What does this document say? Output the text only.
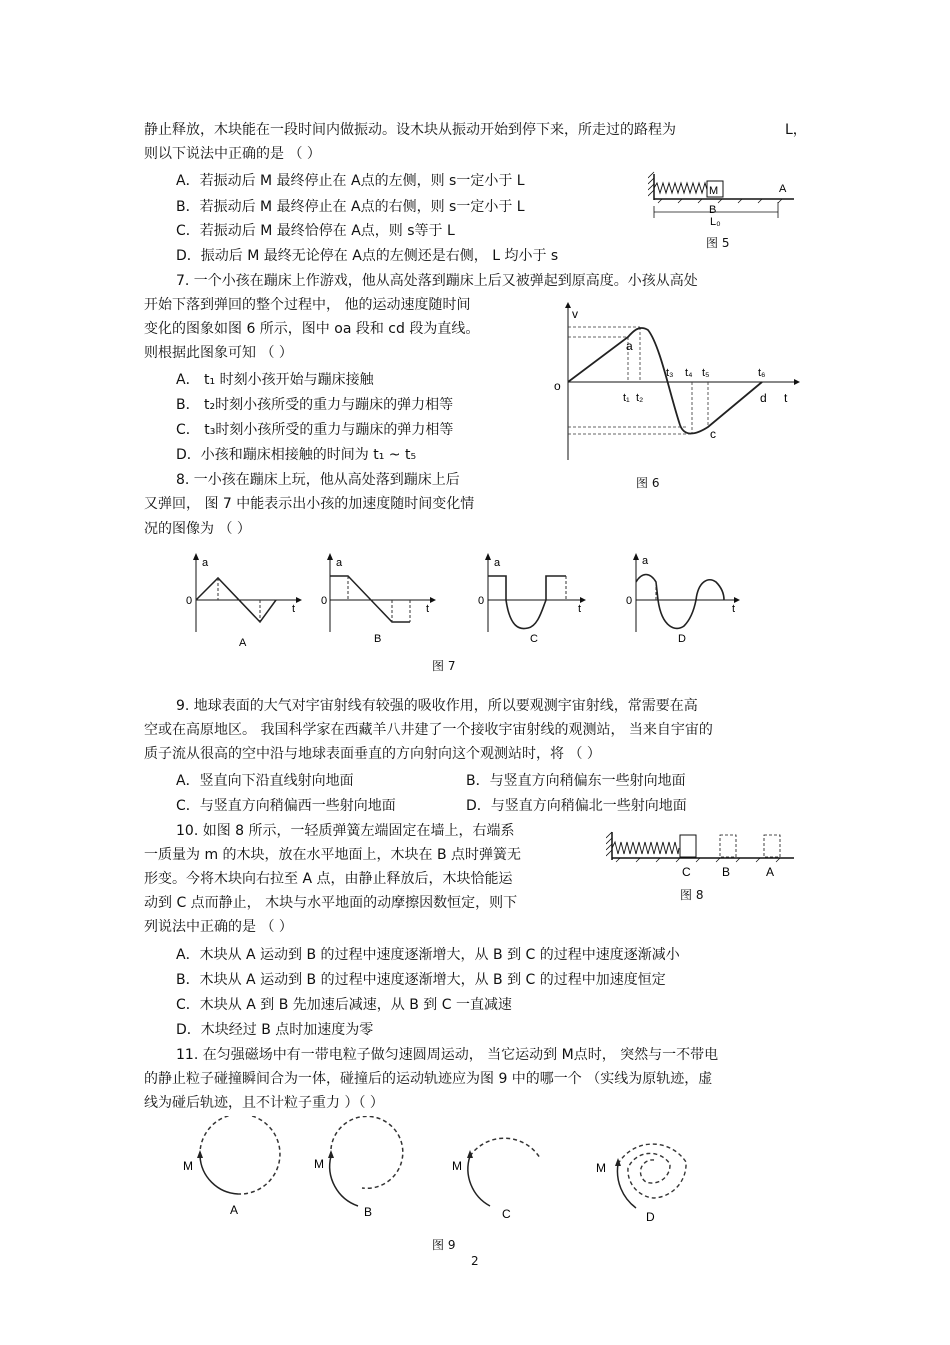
静止释放，木块能在一段时间内做振动。设木块从振动开始到停下来，所走过的路程为	L，
则以下说法中正确的是 （ ）
A．若振动后 M 最终停止在 A点的左侧，则 s一定小于 L
B．若振动后 M 最终停止在 A点的右侧，则 s一定小于 L
C．若振动后 M 最终恰停在 A点，则 s等于 L
D．振动后 M 最终无论停在 A点的左侧还是右侧， L 均小于 s
M	A
B
L₀
图 5
7. 一个小孩在蹦床上作游戏，他从高处落到蹦床上后又被弹起到原高度。小孩从高处
开始下落到弹回的整个过程中， 他的运动速度随时间
变化的图象如图 6 所示，图中 oa 段和 cd 段为直线。
则根据此图象可知 （ ）
A． t₁ 时刻小孩开始与蹦床接触
B． t₂时刻小孩所受的重力与蹦床的弹力相等
C． t₃时刻小孩所受的重力与蹦床的弹力相等
D．小孩和蹦床相接触的时间为 t₁ ~ t₅
v
o
a
c
d t
t₁ t₂
t₃ t₄ t₅	t₆
图 6
8. 一小孩在蹦床上玩，他从高处落到蹦床上后
又弹回， 图 7 中能表示出小孩的加速度随时间变化情
况的图像为 （ ）
a
0
t
A
a
0
t
B
a
0
t
C
a
0
t
D
图 7
9. 地球表面的大气对宇宙射线有较强的吸收作用，所以要观测宇宙射线，常需要在高
空或在高原地区。 我国科学家在西藏羊八井建了一个接收宇宙射线的观测站， 当来自宇宙的
质子流从很高的空中沿与地球表面垂直的方向射向这个观测站时，将 （ ）
A．竖直向下沿直线射向地面	B．与竖直方向稍偏东一些射向地面
C．与竖直方向稍偏西一些射向地面	D．与竖直方向稍偏北一些射向地面
10. 如图 8 所示，一轻质弹簧左端固定在墙上，右端系
一质量为 m 的木块，放在水平地面上，木块在 B 点时弹簧无
形变。今将木块向右拉至 A 点，由静止释放后，木块恰能运
动到 C 点而静止， 木块与水平地面的动摩擦因数恒定，则下
列说法中正确的是 （ ）
A．木块从 A 运动到 B 的过程中速度逐渐增大，从 B 到 C 的过程中速度逐渐减小
B．木块从 A 运动到 B 的过程中速度逐渐增大，从 B 到 C 的过程中加速度恒定
C．木块从 A 到 B 先加速后减速，从 B 到 C 一直减速
D．木块经过 B 点时加速度为零
C	B	A
图 8
11. 在匀强磁场中有一带电粒子做匀速圆周运动， 当它运动到 M点时， 突然与一不带电
的静止粒子碰撞瞬间合为一体，碰撞后的运动轨迹应为图 9 中的哪一个 （实线为原轨迹，虚
线为碰后轨迹，且不计粒子重力 ）（ ）
M
A
M
B
M
C
M
D
图 9
2
